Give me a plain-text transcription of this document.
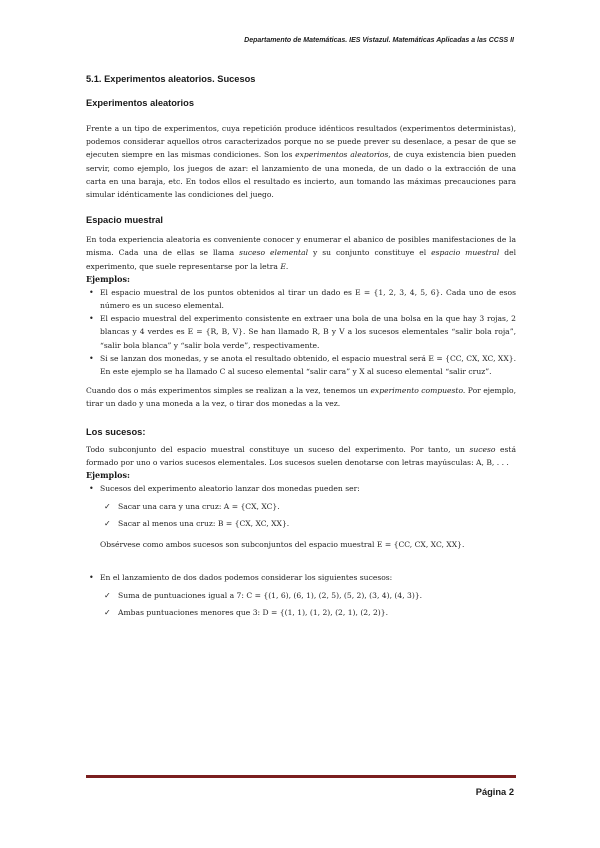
Departamento de Matemáticas. IES Vistazul. Matemáticas Aplicadas a las CCSS II
5.1. Experimentos aleatorios. Sucesos
Experimentos aleatorios

Frente a un tipo de experimentos, cuya repetición produce idénticos resultados (experimentos deterministas), podemos considerar aquellos otros caracterizados porque no se puede prever su desenlace, a pesar de que se ejecuten siempre en las mismas condiciones. Son los experimentos aleatorios, de cuya existencia bien pueden servir, como ejemplo, los juegos de azar: el lanzamiento de una moneda, de un dado o la extracción de una carta en una baraja, etc. En todos ellos el resultado es incierto, aun tomando las máximas precauciones para simular idénticamente las condiciones del juego.

Espacio muestral

En toda experiencia aleatoria es conveniente conocer y enumerar el abanico de posibles manifestaciones de la misma. Cada una de ellas se llama suceso elemental y su conjunto constituye el espacio muestral del experimento, que suele representarse por la letra E.

Ejemplos:

• El espacio muestral de los puntos obtenidos al tirar un dado es E = {1, 2, 3, 4, 5, 6}. Cada uno de esos número es un suceso elemental.
• El espacio muestral del experimento consistente en extraer una bola de una bolsa en la que hay 3 rojas, 2 blancas y 4 verdes es E = {R, B, V}. Se han llamado R, B y V a los sucesos elementales “salir bola roja”, “salir bola blanca” y “salir bola verde”, respectivamente.
• Si se lanzan dos monedas, y se anota el resultado obtenido, el espacio muestral será E = {CC, CX, XC, XX}. En este ejemplo se ha llamado C al suceso elemental “salir cara” y X al suceso elemental “salir cruz”.

Cuando dos o más experimentos simples se realizan a la vez, tenemos un experimento compuesto. Por ejemplo, tirar un dado y una moneda a la vez, o tirar dos monedas a la vez.

Los sucesos:

Todo subconjunto del espacio muestral constituye un suceso del experimento. Por tanto, un suceso está formado por uno o varios sucesos elementales. Los sucesos suelen denotarse con letras mayúsculas: A, B, . . .

Ejemplos:

• Sucesos del experimento aleatorio lanzar dos monedas pueden ser:
✓ Sacar una cara y una cruz: A = {CX, XC}.
✓ Sacar al menos una cruz: B = {CX, XC, XX}.

Obsérvese como ambos sucesos son subconjuntos del espacio muestral E = {CC, CX, XC, XX}.

• En el lanzamiento de dos dados podemos considerar los siguientes sucesos:
✓ Suma de puntuaciones igual a 7: C = {(1, 6), (6, 1), (2, 5), (5, 2), (3, 4), (4, 3)}.
✓ Ambas puntuaciones menores que 3: D = {(1, 1), (1, 2), (2, 1), (2, 2)}.
Página 2
